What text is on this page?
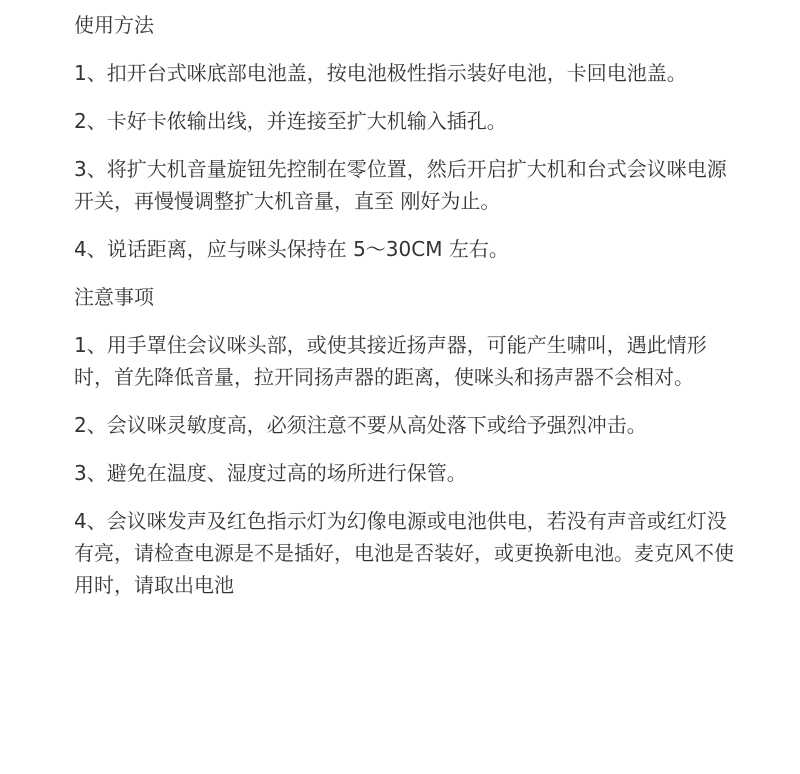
使用方法

1、扣开台式咪底部电池盖，按电池极性指示装好电池，卡回电池盖。

2、卡好卡侬输出线，并连接至扩大机输入插孔。

3、将扩大机音量旋钮先控制在零位置，然后开启扩大机和台式会议咪电源开关，再慢慢调整扩大机音量，直至 刚好为止。

4、说话距离，应与咪头保持在 5～30CM 左右。

注意事项

1、用手罩住会议咪头部，或使其接近扬声器，可能产生啸叫，遇此情形时，首先降低音量，拉开同扬声器的距离，使咪头和扬声器不会相对。

2、会议咪灵敏度高，必须注意不要从高处落下或给予强烈冲击。

3、避免在温度、湿度过高的场所进行保管。

4、会议咪发声及红色指示灯为幻像电源或电池供电，若没有声音或红灯没有亮，请检查电源是不是插好，电池是否装好，或更换新电池。麦克风不使用时，请取出电池
